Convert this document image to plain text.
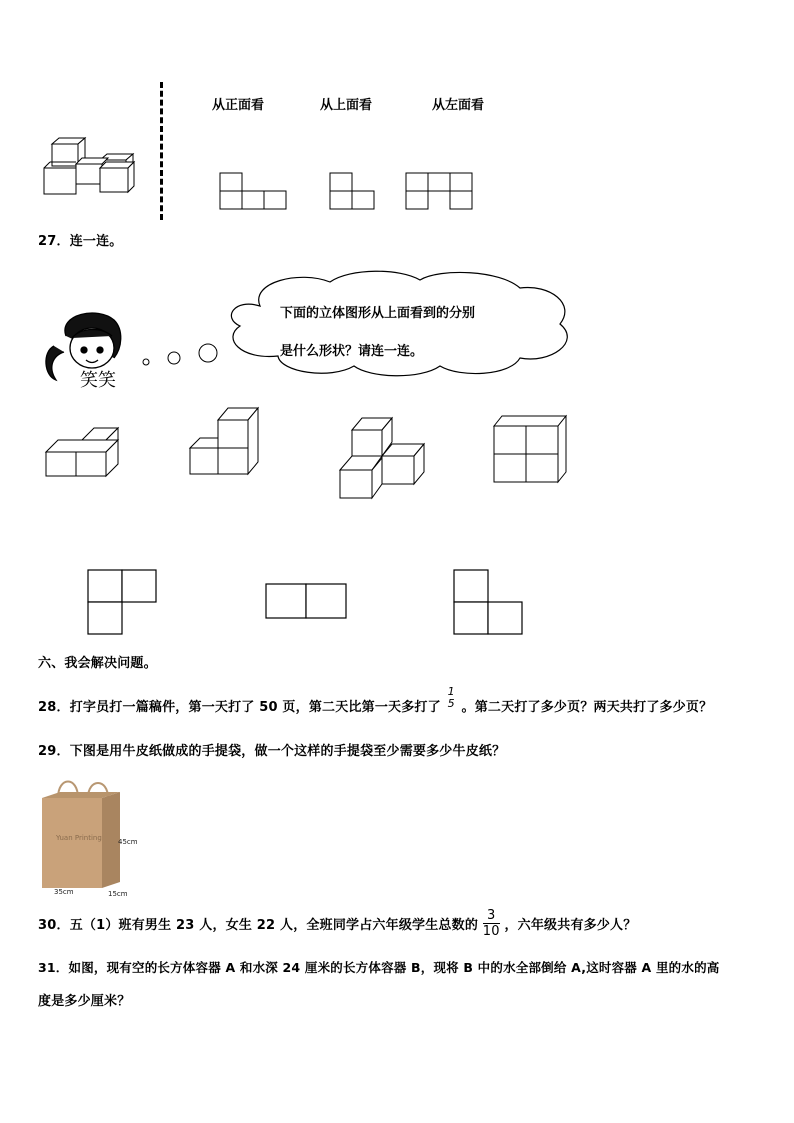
从正面看	从上面看	从左面看
27．连一连。
笑笑
下面的立体图形从上面看到的分别
是什么形状？请连一连。
六、我会解决问题。
28．打字员打一篇稿件，第一天打了 50 页，第二天比第一天多打了
1
5 。第二天打了多少页？两天共打了多少页？
29．下图是用牛皮纸做成的手提袋，做一个这样的手提袋至少需要多少牛皮纸？
Yuan Printing 45cm
35cm	15cm
30．五（1）班有男生 23 人，女生 22 人，全班同学占六年级学生总数的 $\frac{3}{10}$ ，六年级共有多少人？
31．如图，现有空的长方体容器 A 和水深 24 厘米的长方体容器 B，现将 B 中的水全部倒给 A,这时容器 A 里的水的高
度是多少厘米？
